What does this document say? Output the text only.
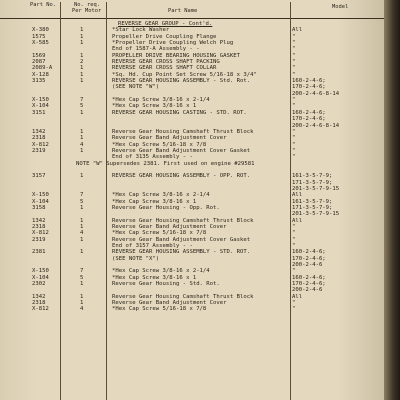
Part No.	No. req.
Per Motor	Part Name
Model
REVERSE GEAR GROUP - Cont'd.
X-380	1	*Star Lock Washer	All
1575	1	Propeller Drive Coupling Flange	"
X-585	1	*Propeller Drive Coupling Welch Plug	"
End of 1587-A Assembly - -	"
1569	1	PROPELLER DRIVE BEARING HOUSING GASKET	"
2087	2	REVERSE GEAR CROSS SHAFT PACKING	"
2089-A	1	REVERSE GEAR CROSS SHAFT COLLAR	"
X-128	1	*Sq. Hd. Cup Point Set Screw 5/16-18 x 3/4"	"
3135	1	REVERSE GEAR HOUSING ASSEMBLY - Std. Rot.	160-2-4-6;
(SEE NOTE "W")	170-2-4-6;
200-2-4-6-8-14
X-150	7	*Hex Cap Screw 3/8-16 x 2-1/4	"
X-104	5	*Hex Cap Screw 3/8-16 x 1	"
3151	1	REVERSE GEAR HOUSING CASTING - STD. ROT.	160-2-4-6;
170-2-4-6;
200-2-4-6-8-14
1342	1	Reverse Gear Housing Camshaft Thrust Block	"
2318	1	Reverse Gear Band Adjustment Cover	"
X-812	4	*Hex Cap Screw 5/16-18 x 7/8	"
2319	1	Reverse Gear Band Adjustment Cover Gasket	"
End of 3135 Assembly - -	"
NOTE "W" Supersedes 2381. First used on engine #29581
3157	1	REVERSE GEAR HOUSING ASSEMBLY - OPP. ROT.	161-3-5-7-9;
171-3-5-7-9;
201-3-5-7-9-15
X-150	7	*Hex Cap Screw 3/8-16 x 2-1/4	All
X-104	5	*Hex Cap Screw 3/8-16 x 1	161-3-5-7-9;
3158	1	Reverse Gear Housing - Opp. Rot.	171-3-5-7-9;
201-3-5-7-9-15
1342	1	Reverse Gear Housing Camshaft Thrust Block	All
2318	1	Reverse Gear Band Adjustment Cover	"
X-812	4	*Hex Cap Screw 5/16-18 x 7/8	"
2319	1	Reverse Gear Band Adjustment Cover Gasket	"
End of 3157 Assembly - -	"
2381	1	REVERSE GEAR HOUSING ASSEMBLY - STD. ROT.	160-2-4-6;
(SEE NOTE "X")	170-2-4-6;
200-2-4-6
X-150	7	*Hex Cap Screw 3/8-16 x 2-1/4	"
X-104	5	*Hex Cap Screw 3/8-16 x 1	160-2-4-6;
2302	1	Reverse Gear Housing - Std. Rot.	170-2-4-6;
200-2-4-6
1342	1	Reverse Gear Housing Camshaft Thrust Block	All
2318	1	Reverse Gear Band Adjustment Cover	"
X-812	4	*Hex Cap Screw 5/16-18 x 7/8	"
